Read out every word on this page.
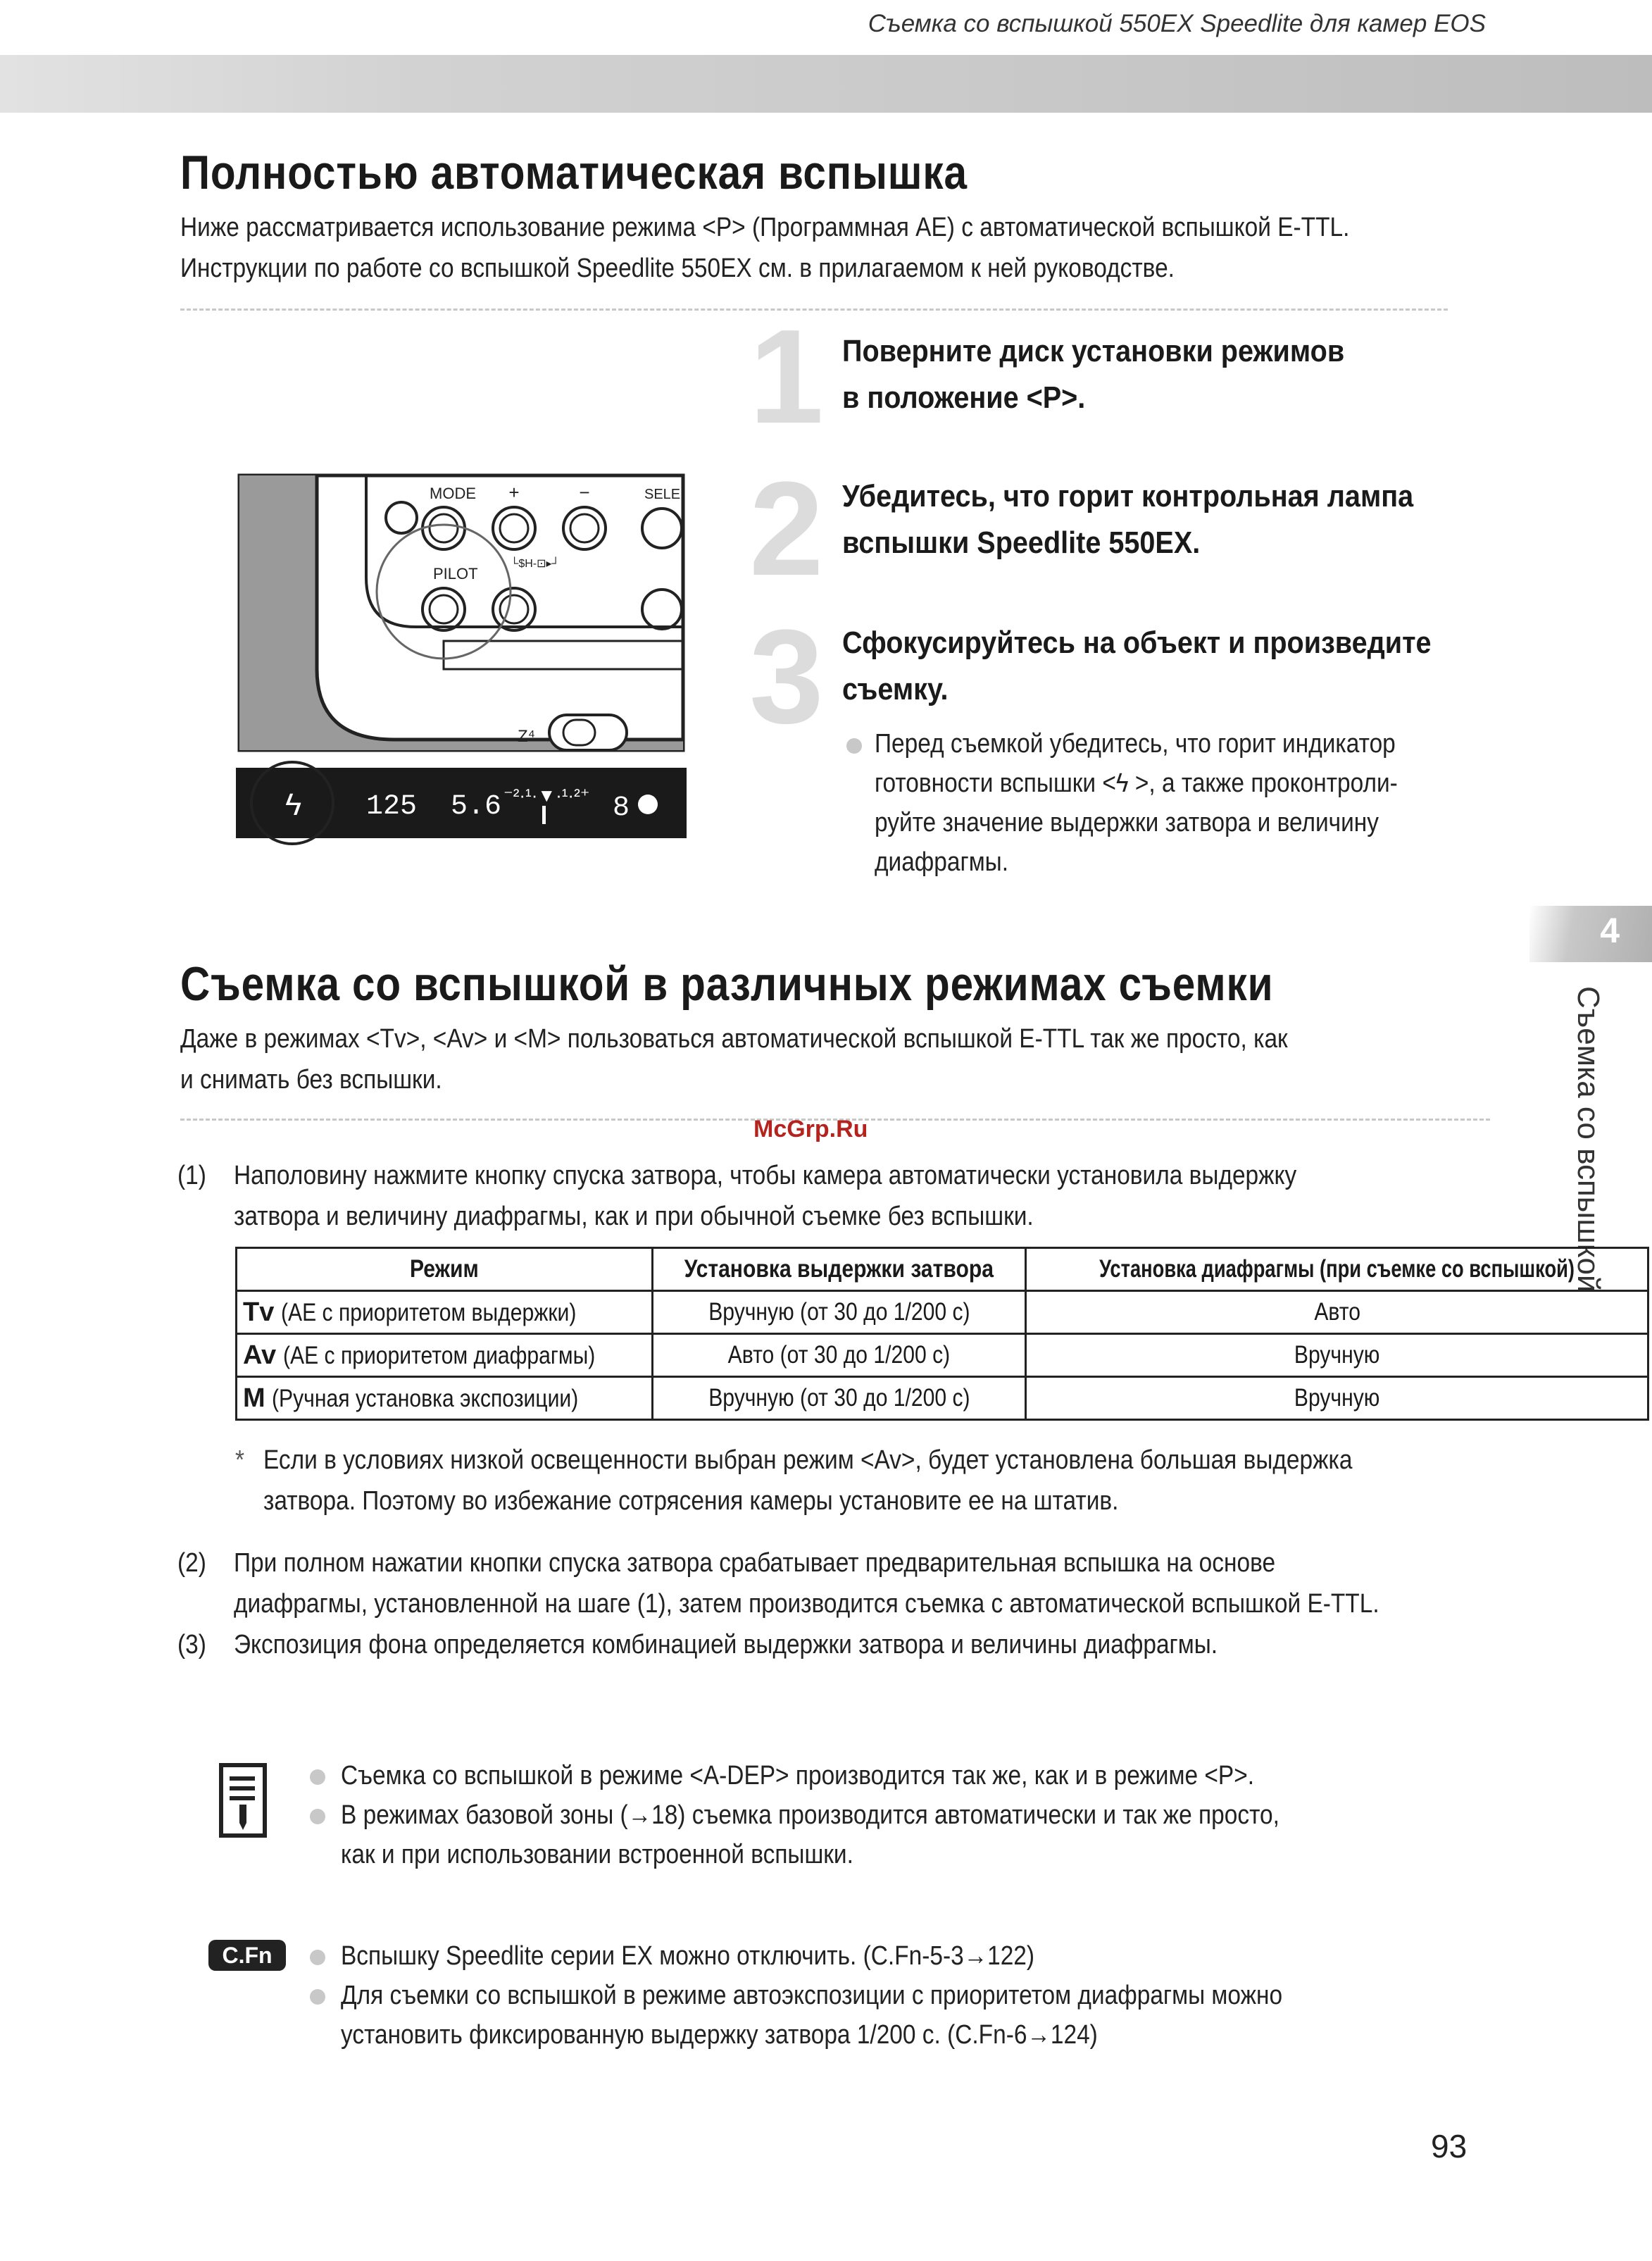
Съемка со вспышкой 550EX Speedlite для камер EOS
Полностью автоматическая вспышка
Ниже рассматривается использование режима <P> (Программная АЕ) с автоматической вспышкой E-TTL.
Инструкции по работе со вспышкой Speedlite 550EX см. в прилагаемом к ней руководстве.
MODE +	−	SELE
PILOT
└$H-⊡▸┘
Z⁴
ϟ 125 5.6 ⁻²·¹·▼·¹·²⁺ 8
1 Поверните диск установки режимов
в положение <P>.
2 Убедитесь, что горит контрольная лампа
вспышки Speedlite 550EX.
3 Сфокусируйтесь на объект и произведите
съемку.
Перед съемкой убедитесь, что горит индикатор
готовности вспышки <ϟ >, а также проконтроли-
руйте значение выдержки затвора и величину
диафрагмы.
4
Съемка со вспышкой
Съемка со вспышкой в различных режимах съемки
Даже в режимах <Tv>, <Av> и <M> пользоваться автоматической вспышкой E-TTL так же просто, как
и снимать без вспышки.
McGrp.Ru
(1) Наполовину нажмите кнопку спуска затвора, чтобы камера автоматически установила выдержку
затвора и величину диафрагмы, как и при обычной съемке без вспышки.
Режим	Установка выдержки затвора	Установка диафрагмы (при съемке со вспышкой)
Tv (АЕ с приоритетом выдержки)	Вручную (от 30 до 1/200 с)	Авто
Av (АЕ с приоритетом диафрагмы)	Авто (от 30 до 1/200 с)	Вручную
M (Ручная установка экспозиции)	Вручную (от 30 до 1/200 с)	Вручную
* Если в условиях низкой освещенности выбран режим <Av>, будет установлена большая выдержка
затвора. Поэтому во избежание сотрясения камеры установите ее на штатив.
(2) При полном нажатии кнопки спуска затвора срабатывает предварительная вспышка на основе
диафрагмы, установленной на шаге (1), затем производится съемка с автоматической вспышкой E-TTL.
(3) Экспозиция фона определяется комбинацией выдержки затвора и величины диафрагмы.
Съемка со вспышкой в режиме <A-DEP> производится так же, как и в режиме <P>.
В режимах базовой зоны (→18) съемка производится автоматически и так же просто,
как и при использовании встроенной вспышки.
C.Fn	Вспышку Speedlite серии EX можно отключить. (C.Fn-5-3→122)
Для съемки со вспышкой в режиме автоэкспозиции с приоритетом диафрагмы можно
установить фиксированную выдержку затвора 1/200 с. (C.Fn-6→124)
93
